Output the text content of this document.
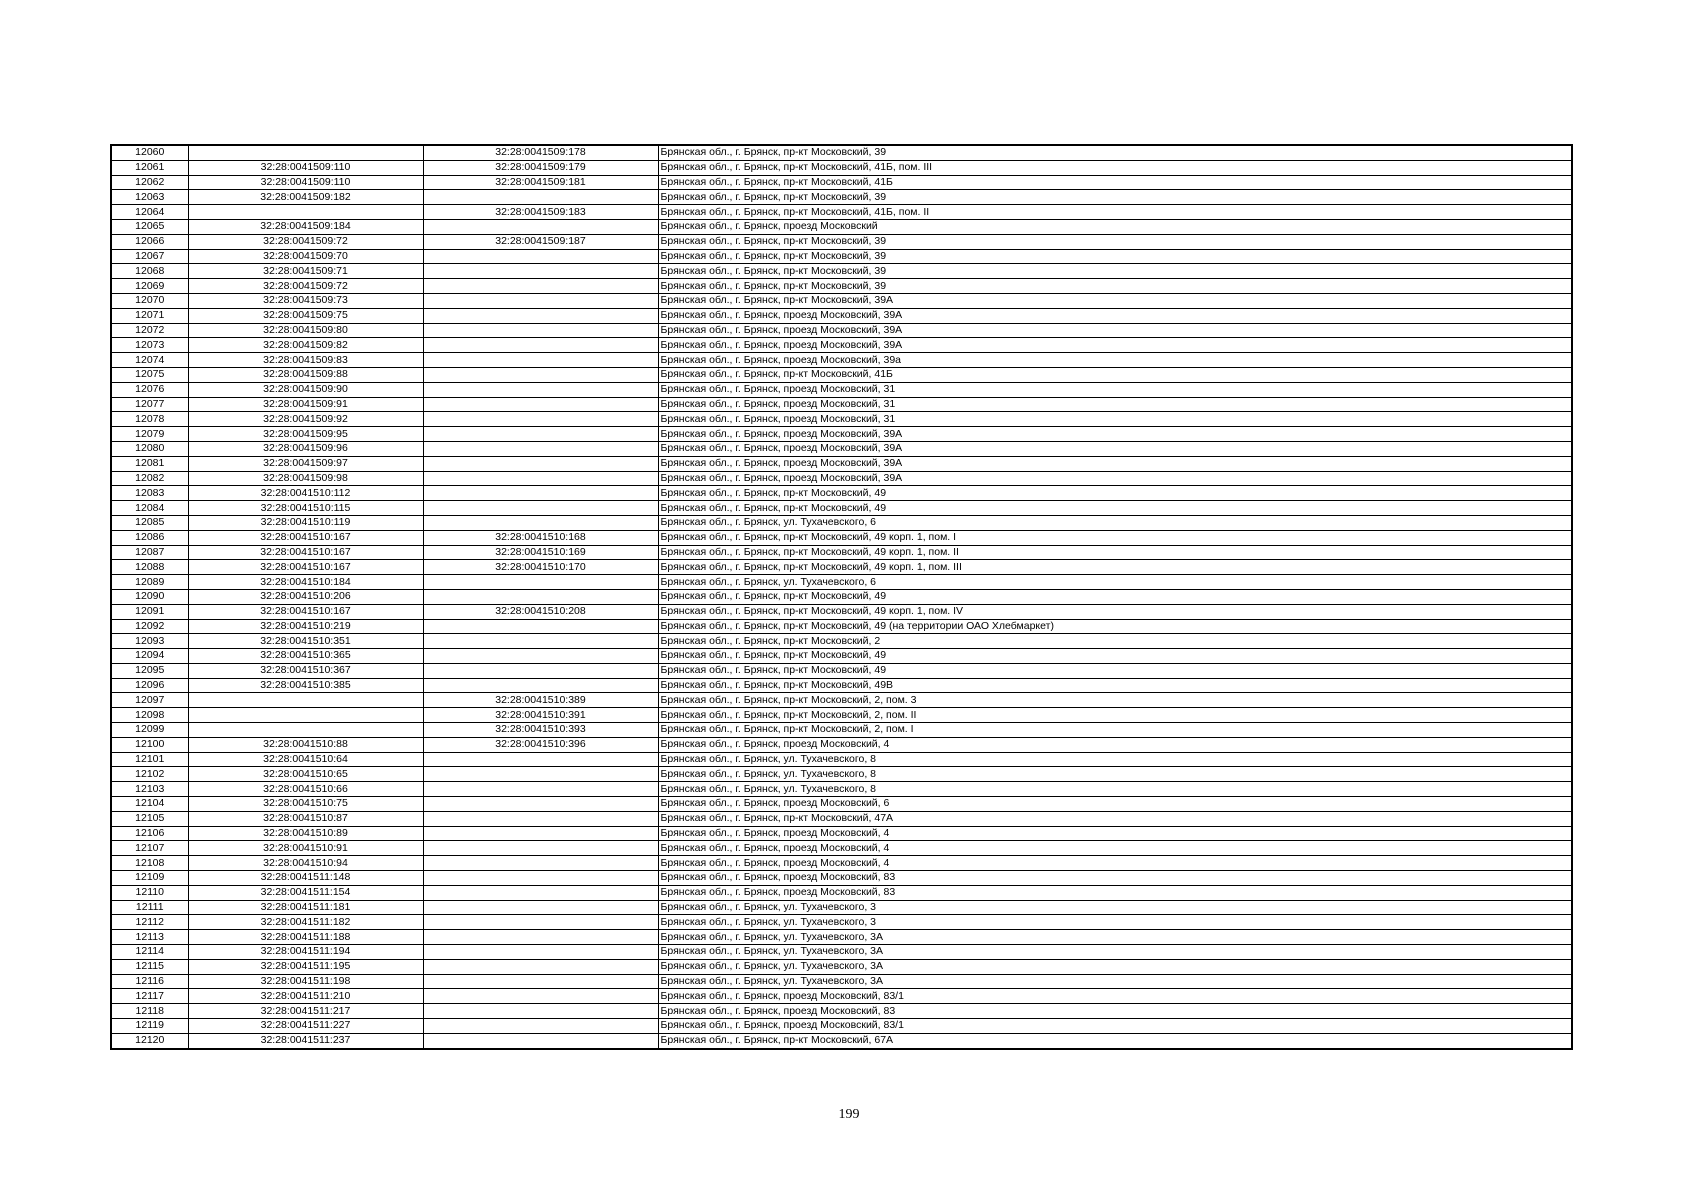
12060		32:28:0041509:178	Брянская обл., г. Брянск, пр-кт Московский, 39
12061	32:28:0041509:110	32:28:0041509:179	Брянская обл., г. Брянск, пр-кт Московский, 41Б, пом. III
12062	32:28:0041509:110	32:28:0041509:181	Брянская обл., г. Брянск, пр-кт Московский, 41Б
12063	32:28:0041509:182		Брянская обл., г. Брянск, пр-кт Московский, 39
12064		32:28:0041509:183	Брянская обл., г. Брянск, пр-кт Московский, 41Б, пом. II
12065	32:28:0041509:184		Брянская обл., г. Брянск, проезд Московский
12066	32:28:0041509:72	32:28:0041509:187	Брянская обл., г. Брянск, пр-кт Московский, 39
12067	32:28:0041509:70		Брянская обл., г. Брянск, пр-кт Московский, 39
12068	32:28:0041509:71		Брянская обл., г. Брянск, пр-кт Московский, 39
12069	32:28:0041509:72		Брянская обл., г. Брянск, пр-кт Московский, 39
12070	32:28:0041509:73		Брянская обл., г. Брянск, пр-кт Московский, 39А
12071	32:28:0041509:75		Брянская обл., г. Брянск, проезд Московский, 39А
12072	32:28:0041509:80		Брянская обл., г. Брянск, проезд Московский, 39А
12073	32:28:0041509:82		Брянская обл., г. Брянск, проезд Московский, 39А
12074	32:28:0041509:83		Брянская обл., г. Брянск, проезд Московский, 39а
12075	32:28:0041509:88		Брянская обл., г. Брянск, пр-кт Московский, 41Б
12076	32:28:0041509:90		Брянская обл., г. Брянск, проезд Московский, 31
12077	32:28:0041509:91		Брянская обл., г. Брянск, проезд Московский, 31
12078	32:28:0041509:92		Брянская обл., г. Брянск, проезд Московский, 31
12079	32:28:0041509:95		Брянская обл., г. Брянск, проезд Московский, 39А
12080	32:28:0041509:96		Брянская обл., г. Брянск, проезд Московский, 39А
12081	32:28:0041509:97		Брянская обл., г. Брянск, проезд Московский, 39А
12082	32:28:0041509:98		Брянская обл., г. Брянск, проезд Московский, 39А
12083	32:28:0041510:112		Брянская обл., г. Брянск, пр-кт Московский, 49
12084	32:28:0041510:115		Брянская обл., г. Брянск, пр-кт Московский, 49
12085	32:28:0041510:119		Брянская обл., г. Брянск, ул. Тухачевского, 6
12086	32:28:0041510:167	32:28:0041510:168	Брянская обл., г. Брянск, пр-кт Московский, 49 корп. 1, пом. I
12087	32:28:0041510:167	32:28:0041510:169	Брянская обл., г. Брянск, пр-кт Московский, 49 корп. 1, пом. II
12088	32:28:0041510:167	32:28:0041510:170	Брянская обл., г. Брянск, пр-кт Московский, 49 корп. 1, пом. III
12089	32:28:0041510:184		Брянская обл., г. Брянск, ул. Тухачевского, 6
12090	32:28:0041510:206		Брянская обл., г. Брянск, пр-кт Московский, 49
12091	32:28:0041510:167	32:28:0041510:208	Брянская обл., г. Брянск, пр-кт Московский, 49 корп. 1, пом. IV
12092	32:28:0041510:219		Брянская обл., г. Брянск, пр-кт Московский, 49 (на территории ОАО Хлебмаркет)
12093	32:28:0041510:351		Брянская обл., г. Брянск, пр-кт Московский, 2
12094	32:28:0041510:365		Брянская обл., г. Брянск, пр-кт Московский, 49
12095	32:28:0041510:367		Брянская обл., г. Брянск, пр-кт Московский, 49
12096	32:28:0041510:385		Брянская обл., г. Брянск, пр-кт Московский, 49В
12097		32:28:0041510:389	Брянская обл., г. Брянск, пр-кт Московский, 2, пом. 3
12098		32:28:0041510:391	Брянская обл., г. Брянск, пр-кт Московский, 2, пом. II
12099		32:28:0041510:393	Брянская обл., г. Брянск, пр-кт Московский, 2, пом. I
12100	32:28:0041510:88	32:28:0041510:396	Брянская обл., г. Брянск, проезд Московский, 4
12101	32:28:0041510:64		Брянская обл., г. Брянск, ул. Тухачевского, 8
12102	32:28:0041510:65		Брянская обл., г. Брянск, ул. Тухачевского, 8
12103	32:28:0041510:66		Брянская обл., г. Брянск, ул. Тухачевского, 8
12104	32:28:0041510:75		Брянская обл., г. Брянск, проезд Московский, 6
12105	32:28:0041510:87		Брянская обл., г. Брянск, пр-кт Московский, 47А
12106	32:28:0041510:89		Брянская обл., г. Брянск, проезд Московский, 4
12107	32:28:0041510:91		Брянская обл., г. Брянск, проезд Московский, 4
12108	32:28:0041510:94		Брянская обл., г. Брянск, проезд Московский, 4
12109	32:28:0041511:148		Брянская обл., г. Брянск, проезд Московский, 83
12110	32:28:0041511:154		Брянская обл., г. Брянск, проезд Московский, 83
12111	32:28:0041511:181		Брянская обл., г. Брянск, ул. Тухачевского, 3
12112	32:28:0041511:182		Брянская обл., г. Брянск, ул. Тухачевского, 3
12113	32:28:0041511:188		Брянская обл., г. Брянск, ул. Тухачевского, 3А
12114	32:28:0041511:194		Брянская обл., г. Брянск, ул. Тухачевского, 3А
12115	32:28:0041511:195		Брянская обл., г. Брянск, ул. Тухачевского, 3А
12116	32:28:0041511:198		Брянская обл., г. Брянск, ул. Тухачевского, 3А
12117	32:28:0041511:210		Брянская обл., г. Брянск, проезд Московский, 83/1
12118	32:28:0041511:217		Брянская обл., г. Брянск, проезд Московский, 83
12119	32:28:0041511:227		Брянская обл., г. Брянск, проезд Московский, 83/1
12120	32:28:0041511:237		Брянская обл., г. Брянск, пр-кт Московский, 67А
199
